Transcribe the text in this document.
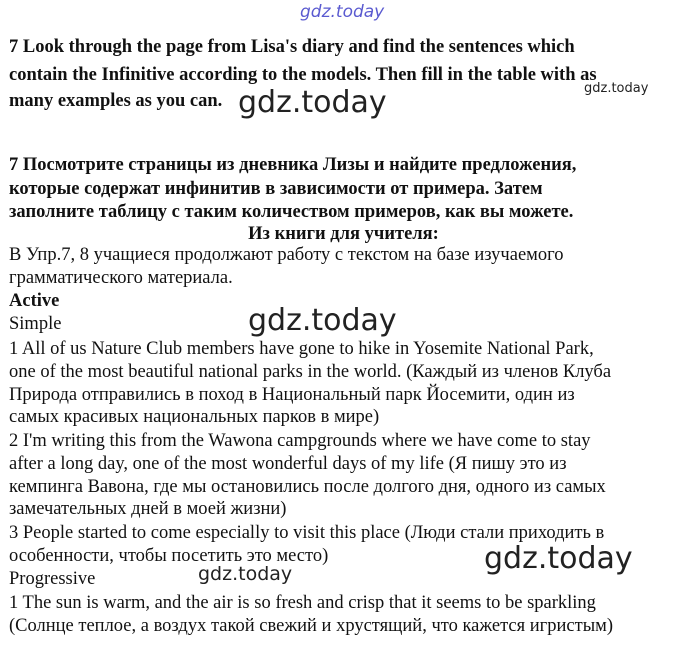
gdz.today
gdz.today	gdz.today
gdz.today
gdz.today
gdz.today
7 Look through the page from Lisa's diary and find the sentences which
contain the Infinitive according to the models. Then fill in the table with as
many examples as you can.
7 Посмотрите страницы из дневника Лизы и найдите предложения,
которые содержат инфинитив в зависимости от примера. Затем
заполните таблицу с таким количеством примеров, как вы можете.
Из книги для учителя:
В Упр.7, 8 учащиеся продолжают работу с текстом на базе изучаемого
грамматического материала.
Active
Simple
1 All of us Nature Club members have gone to hike in Yosemite National Park,
one of the most beautiful national parks in the world. (Каждый из членов Клуба
Природа отправились в поход в Национальный парк Йосемити, один из
самых красивых национальных парков в мире)
2 I'm writing this from the Wawona campgrounds where we have come to stay
after a long day, one of the most wonderful days of my life (Я пишу это из
кемпинга Вавона, где мы остановились после долгого дня, одного из самых
замечательных дней в моей жизни)
3 People started to come especially to visit this place (Люди стали приходить в
особенности, чтобы посетить это место)
Progressive
1 The sun is warm, and the air is so fresh and crisp that it seems to be sparkling
(Солнце теплое, а воздух такой свежий и хрустящий, что кажется игристым)
